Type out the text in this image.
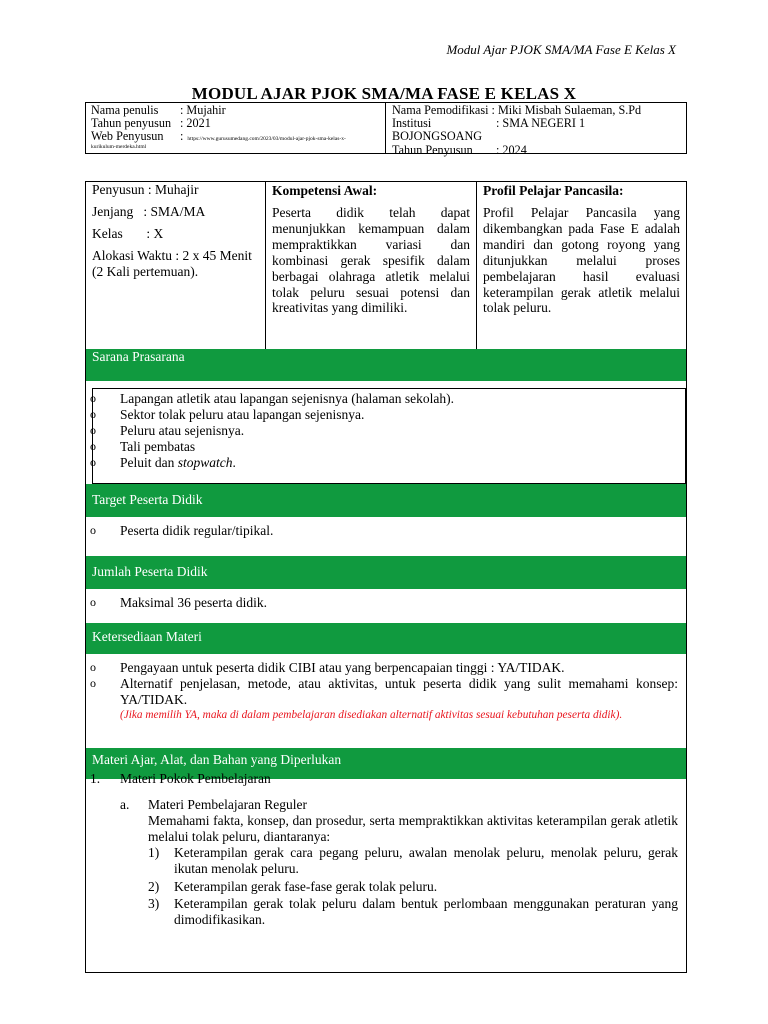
Modul Ajar PJOK SMA/MA Fase E Kelas X
MODUL AJAR PJOK SMA/MA FASE E KELAS X
Nama penulis	: Mujahir
Tahun penyusun : 2021
Web Penyusun	: https://www.gurusumedang.com/2023/03/modul-ajar-pjok-sma-kelas-x-
kurikulum-merdeka.html
Nama Pemodifikasi : Miki Misbah Sulaeman, S.Pd
Institusi	: SMA NEGERI 1
BOJONGSOANG
Tahun Penyusun	: 2024

Penyusun : Muhajir

Jenjang   : SMA/MA

Kelas       : X

Alokasi Waktu : 2 x 45 Menit (2 Kali pertemuan).

Kompetensi Awal:
Peserta didik telah dapat menunjukkan kemampuan dalam mempraktikkan variasi dan kombinasi gerak spesifik dalam berbagai olahraga atletik melalui tolak peluru sesuai potensi dan kreativitas yang dimiliki.
Profil Pelajar Pancasila:
Profil Pelajar Pancasila yang dikembangkan pada Fase E adalah mandiri dan gotong royong yang ditunjukkan melalui proses pembelajaran hasil evaluasi keterampilan gerak atletik melalui tolak peluru.
Sarana Prasarana
o Lapangan atletik atau lapangan sejenisnya (halaman sekolah).
o Sektor tolak peluru atau lapangan sejenisnya.
o Peluru atau sejenisnya.
o Tali pembatas
o Peluit dan stopwatch.
Target Peserta Didik
o Peserta didik regular/tipikal.
Jumlah Peserta Didik
o Maksimal 36 peserta didik.
Ketersediaan Materi
o Pengayaan untuk peserta didik CIBI atau yang berpencapaian tinggi : YA/TIDAK.
o Alternatif penjelasan, metode, atau aktivitas, untuk peserta didik yang sulit memahami konsep: YA/TIDAK.
(Jika memilih YA, maka di dalam pembelajaran disediakan alternatif aktivitas sesuai kebutuhan peserta didik).
Materi Ajar, Alat, dan Bahan yang Diperlukan
1. Materi Pokok Pembelajaran
a. Materi Pembelajaran Reguler
Memahami fakta, konsep, dan prosedur, serta mempraktikkan aktivitas keterampilan gerak atletik melalui tolak peluru, diantaranya:
1) Keterampilan gerak cara pegang peluru, awalan menolak peluru, menolak peluru, gerak ikutan menolak peluru.
2) Keterampilan gerak fase-fase gerak tolak peluru.
3) Keterampilan gerak tolak peluru dalam bentuk perlombaan menggunakan peraturan yang dimodifikasikan.
